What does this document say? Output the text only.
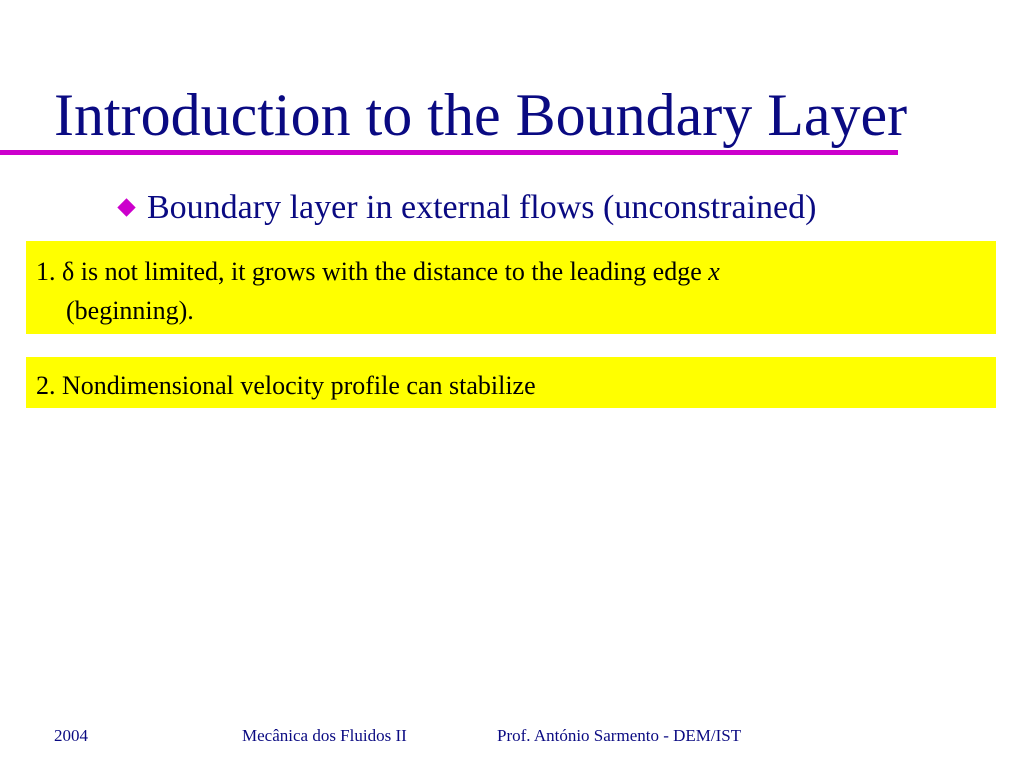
Introduction to the Boundary Layer
Boundary layer in external flows (unconstrained)
1. δ is not limited, it grows with the distance to the leading edge x
(beginning).
2. Nondimensional velocity profile can stabilize
2004	Mecânica dos Fluidos II	Prof. António Sarmento - DEM/IST
